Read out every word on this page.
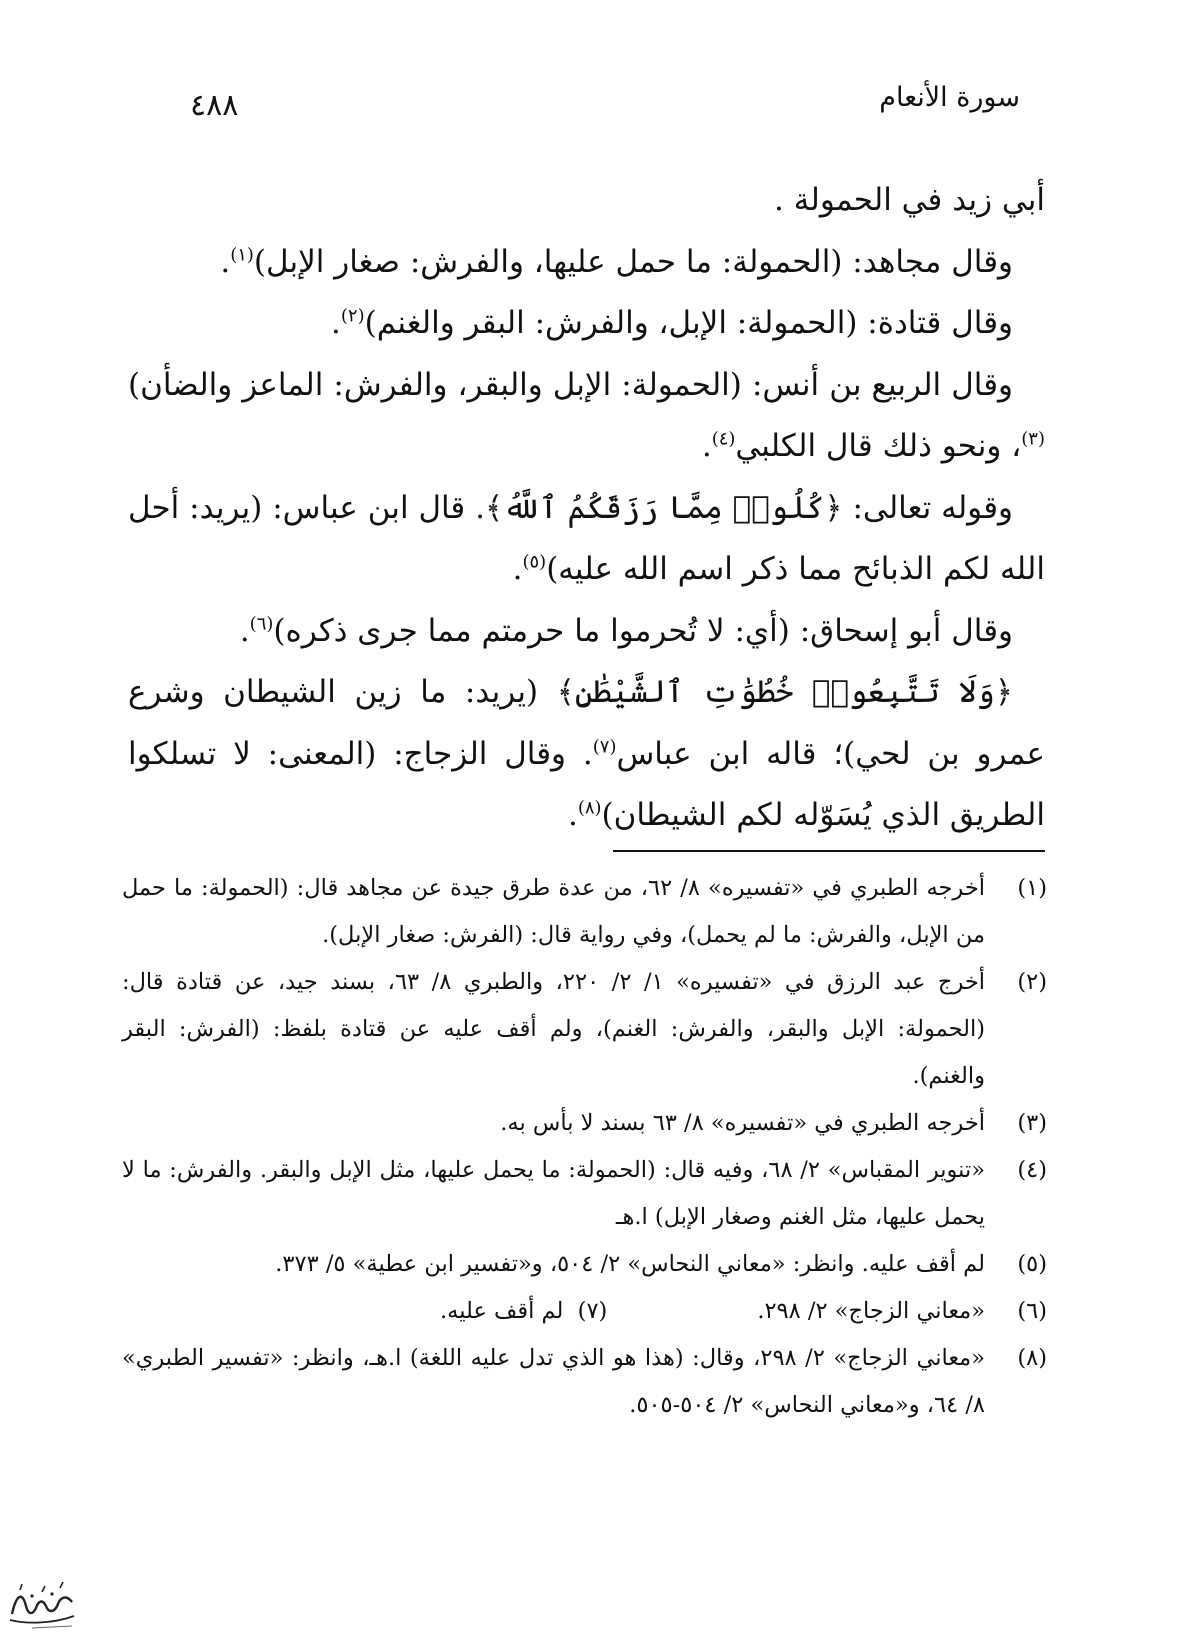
سورة الأنعام
٤٨٨

أبي زيد في الحمولة .

وقال مجاهد: (الحمولة: ما حمل عليها، والفرش: صغار الإبل)$^{(١)}$.

وقال قتادة: (الحمولة: الإبل، والفرش: البقر والغنم)$^{(٢)}$.

وقال الربيع بن أنس: (الحمولة: الإبل والبقر، والفرش: الماعز والضأن)$^{(٣)}$، ونحو ذلك قال الكلبي$^{(٤)}$.

وقوله تعالى: ﴿كُلُوا۟ مِمَّا رَزَقَكُمُ ٱللَّهُ﴾. قال ابن عباس: (يريد: أحل الله لكم الذبائح مما ذكر اسم الله عليه)$^{(٥)}$.

وقال أبو إسحاق: (أي: لا تُحرموا ما حرمتم مما جرى ذكره)$^{(٦)}$.

﴿وَلَا تَتَّبِعُوا۟ خُطُوَٰتِ ٱلشَّيْطَٰنِ﴾ (يريد: ما زين الشيطان وشرع عمرو بن لحي)؛ قاله ابن عباس$^{(٧)}$. وقال الزجاج: (المعنى: لا تسلكوا الطريق الذي يُسَوّله لكم الشيطان)$^{(٨)}$.

(١)
أخرجه الطبري في «تفسيره» ٨/ ٦٢، من عدة طرق جيدة عن مجاهد قال: (الحمولة: ما حمل من الإبل، والفرش: ما لم يحمل)، وفي رواية قال: (الفرش: صغار الإبل).
(٢)
أخرج عبد الرزق في «تفسيره» ١/ ٢/ ٢٢٠، والطبري ٨/ ٦٣، بسند جيد، عن قتادة قال: (الحمولة: الإبل والبقر، والفرش: الغنم)، ولم أقف عليه عن قتادة بلفظ: (الفرش: البقر والغنم).
(٣)
أخرجه الطبري في «تفسيره» ٨/ ٦٣ بسند لا بأس به.
(٤)
«تنوير المقباس» ٢/ ٦٨، وفيه قال: (الحمولة: ما يحمل عليها، مثل الإبل والبقر. والفرش: ما لا يحمل عليها، مثل الغنم وصغار الإبل) ا.هـ
(٥)
لم أقف عليه. وانظر: «معاني النحاس» ٢/ ٥٠٤، و«تفسير ابن عطية» ٥/ ٣٧٣.
(٦)
«معاني الزجاج» ٢/ ٢٩٨.(٧)  لم أقف عليه.
(٨)
«معاني الزجاج» ٢/ ٢٩٨، وقال: (هذا هو الذي تدل عليه اللغة) ا.هـ، وانظر: «تفسير الطبري» ٨/ ٦٤، و«معاني النحاس» ٢/ ٥٠٤-٥٠٥.
